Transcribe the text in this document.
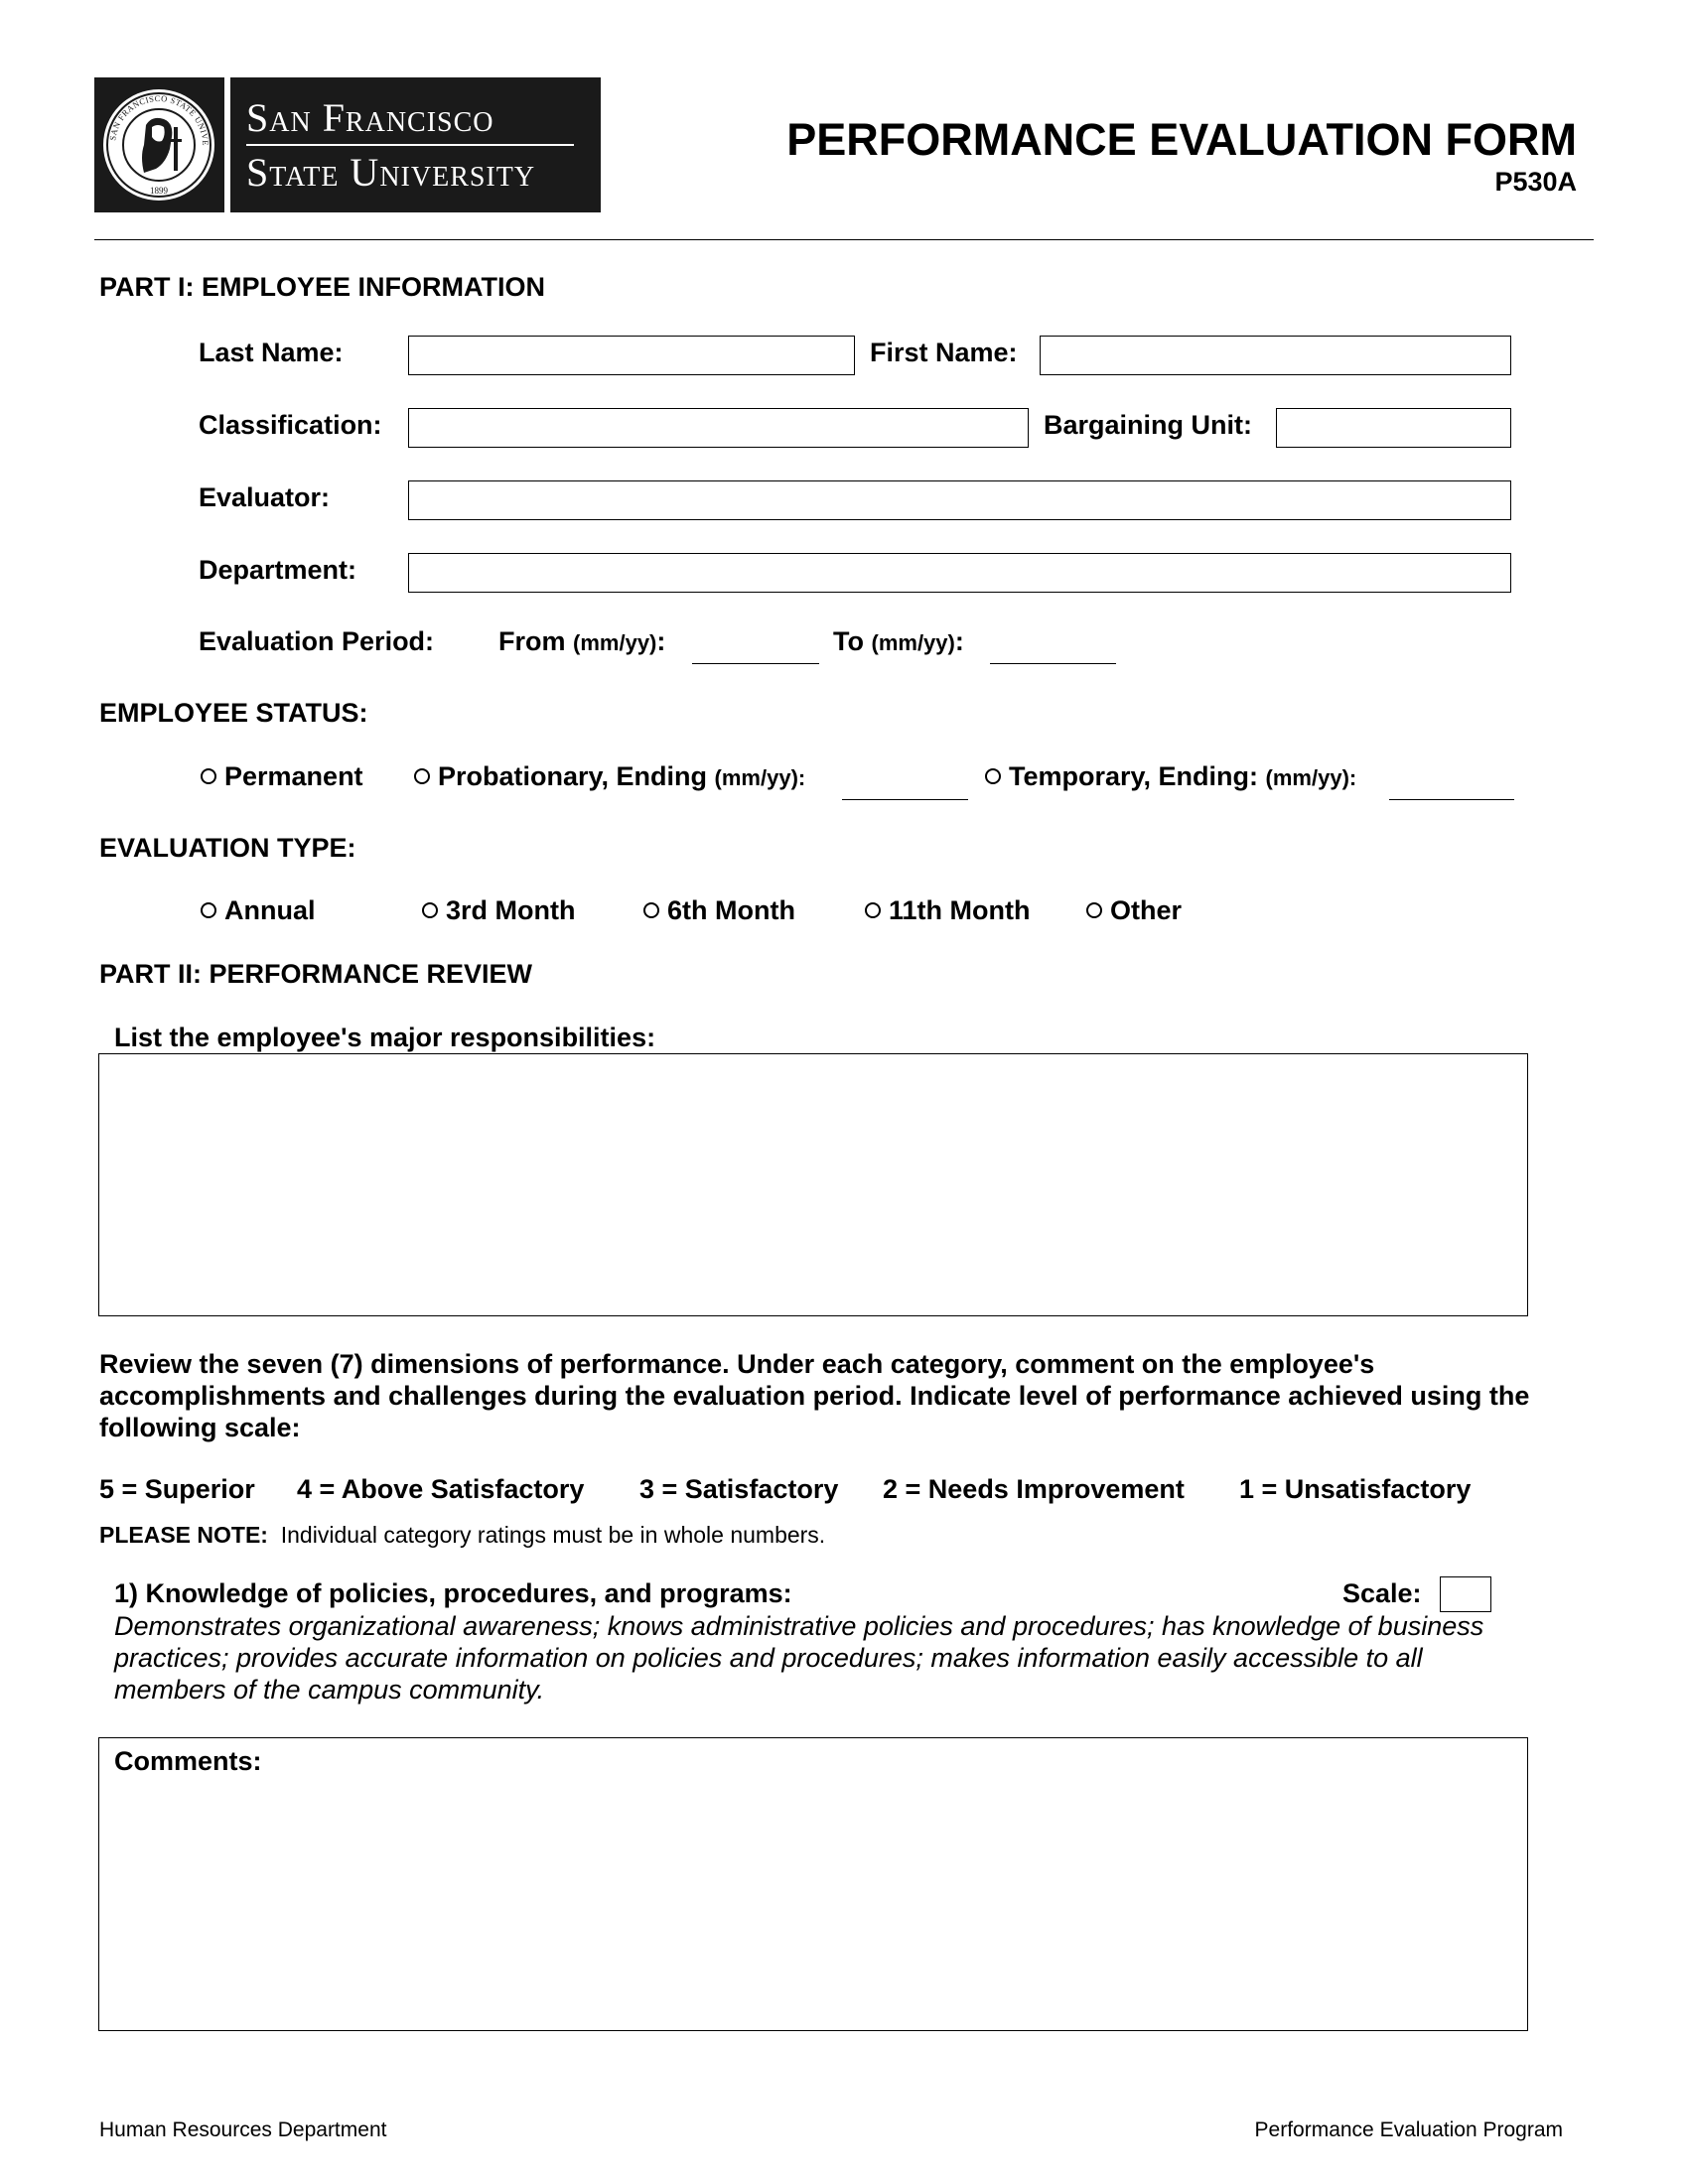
SAN FRANCISCO STATE UNIVE
1899
San Francisco
State University
PERFORMANCE EVALUATION FORM
P530A
PART I: EMPLOYEE INFORMATION
Last Name:	First Name:
Classification:	Bargaining Unit:
Evaluator:
Department:
Evaluation Period: From (mm/yy):	To (mm/yy):
EMPLOYEE STATUS:
Permanent	Probationary, Ending (mm/yy):	Temporary, Ending: (mm/yy):
EVALUATION TYPE:
Annual	3rd Month	6th Month	11th Month	Other
PART II: PERFORMANCE REVIEW
List the employee's major responsibilities:
Review the seven (7) dimensions of performance. Under each category, comment on the employee's accomplishments and challenges during the evaluation period. Indicate level of performance achieved using the following scale:
5 = Superior 4 = Above Satisfactory 3 = Satisfactory 2 = Needs Improvement 1 = Unsatisfactory
PLEASE NOTE: Individual category ratings must be in whole numbers.
1) Knowledge of policies, procedures, and programs:	Scale:
Demonstrates organizational awareness; knows administrative policies and procedures; has knowledge of business practices; provides accurate information on policies and procedures; makes information easily accessible to all members of the campus community.
Comments:
Human Resources Department	Performance Evaluation Program
